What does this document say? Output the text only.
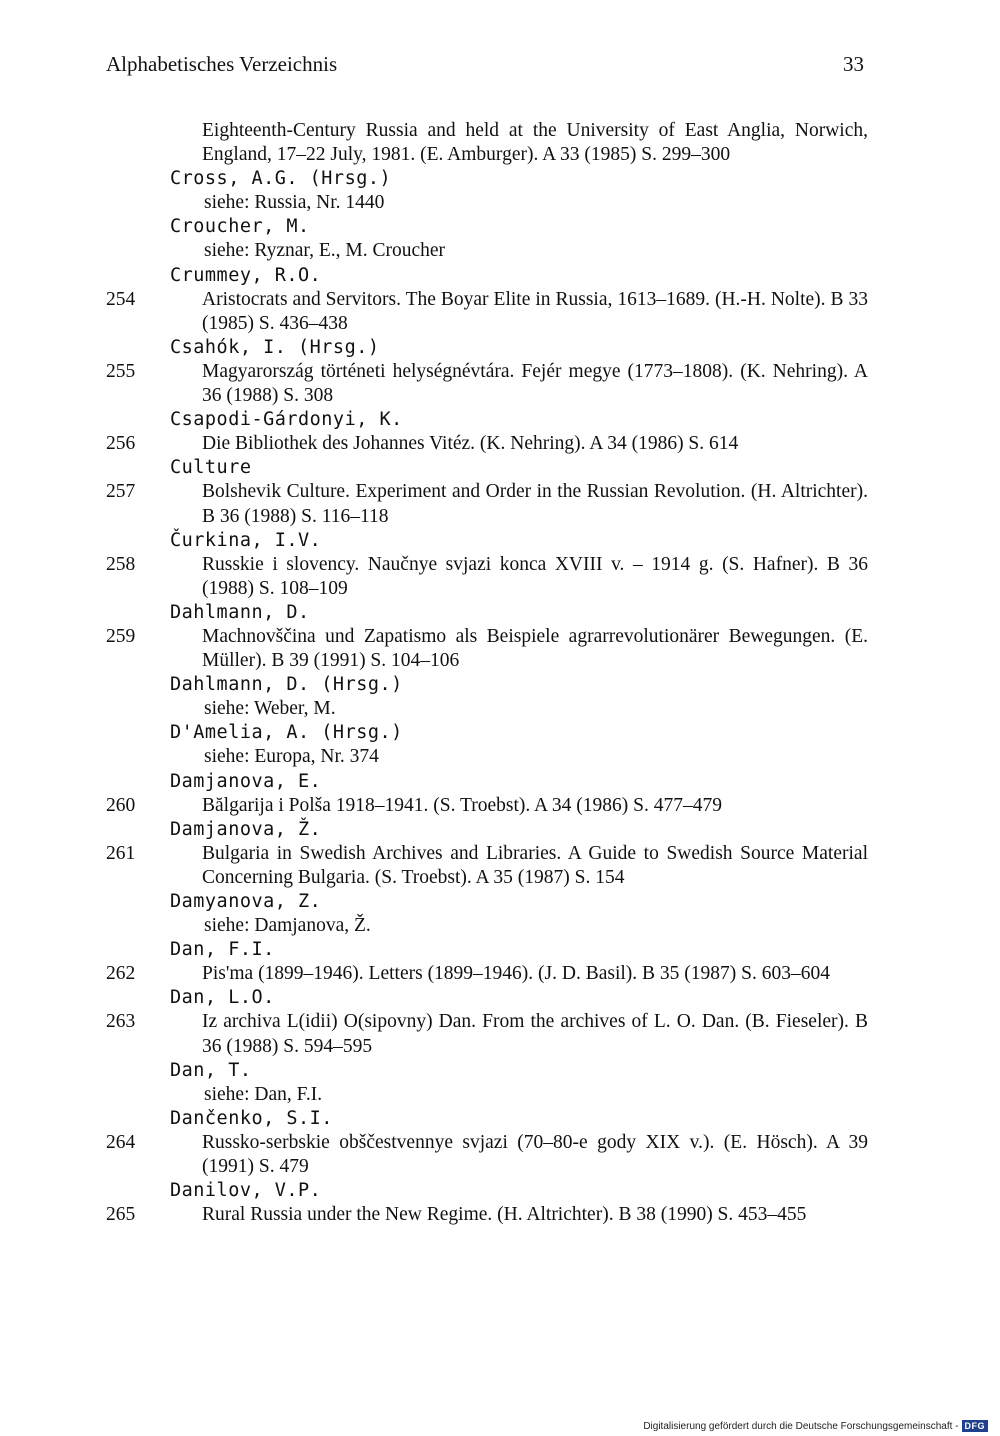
Alphabetisches Verzeichnis	33
Eighteenth-Century Russia and held at the University of East Anglia, Norwich, England, 17–22 July, 1981. (E. Amburger). A 33 (1985) S. 299–300
Cross, A.G. (Hrsg.)
siehe: Russia, Nr. 1440
Croucher, M.
siehe: Ryznar, E., M. Croucher
Crummey, R.O.
254	Aristocrats and Servitors. The Boyar Elite in Russia, 1613–1689. (H.-H. Nolte). B 33 (1985) S. 436–438
Csahók, I. (Hrsg.)
255	Magyarország történeti helységnévtára. Fejér megye (1773–1808). (K. Nehring). A 36 (1988) S. 308
Csapodi-Gárdonyi, K.
256	Die Bibliothek des Johannes Vitéz. (K. Nehring). A 34 (1986) S. 614
Culture
257	Bolshevik Culture. Experiment and Order in the Russian Revolution. (H. Altrichter). B 36 (1988) S. 116–118
Čurkina, I.V.
258	Russkie i slovency. Naučnye svjazi konca XVIII v. – 1914 g. (S. Hafner). B 36 (1988) S. 108–109
Dahlmann, D.
259	Machnovščina und Zapatismo als Beispiele agrarrevolutionärer Bewegungen. (E. Müller). B 39 (1991) S. 104–106
Dahlmann, D. (Hrsg.)
siehe: Weber, M.
D'Amelia, A. (Hrsg.)
siehe: Europa, Nr. 374
Damjanova, E.
260	Bălgarija i Polša 1918–1941. (S. Troebst). A 34 (1986) S. 477–479
Damjanova, Ž.
261	Bulgaria in Swedish Archives and Libraries. A Guide to Swedish Source Material Concerning Bulgaria. (S. Troebst). A 35 (1987) S. 154
Damyanova, Z.
siehe: Damjanova, Ž.
Dan, F.I.
262	Pis'ma (1899–1946). Letters (1899–1946). (J. D. Basil). B 35 (1987) S. 603–604
Dan, L.O.
263	Iz archiva L(idii) O(sipovny) Dan. From the archives of L. O. Dan. (B. Fieseler). B 36 (1988) S. 594–595
Dan, T.
siehe: Dan, F.I.
Dančenko, S.I.
264	Russko-serbskie obščestvennye svjazi (70–80-e gody XIX v.). (E. Hösch). A 39 (1991) S. 479
Danilov, V.P.
265	Rural Russia under the New Regime. (H. Altrichter). B 38 (1990) S. 453–455
Digitalisierung gefördert durch die Deutsche Forschungsgemeinschaft - DFG
